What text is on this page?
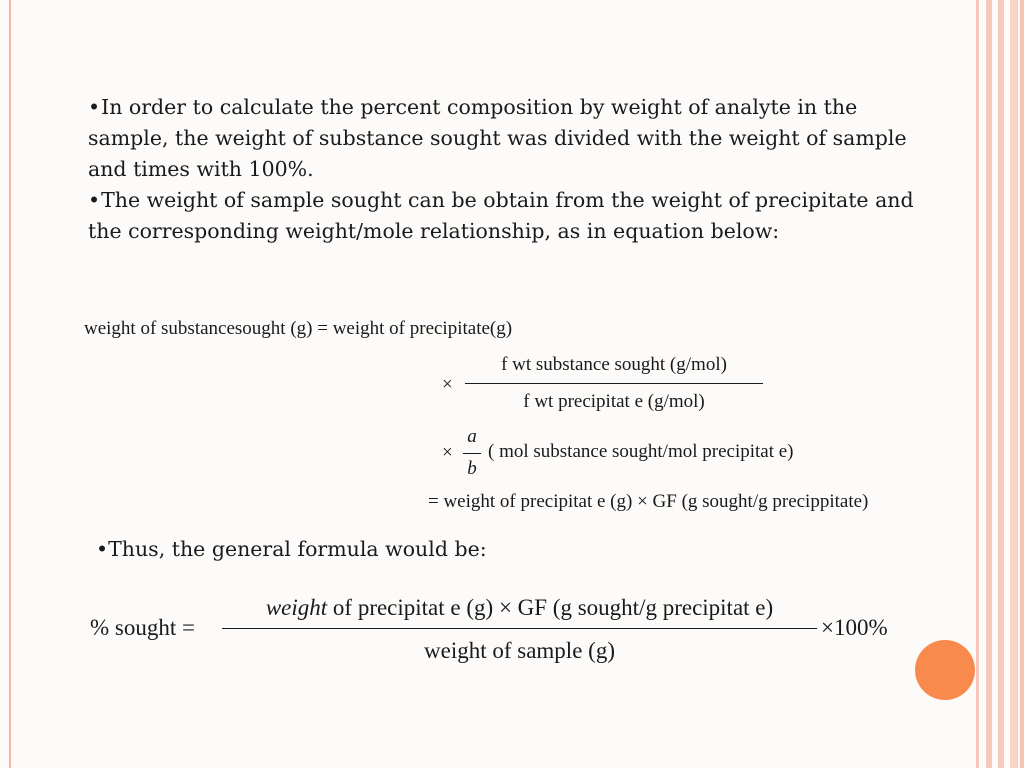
•In order to calculate the percent composition by weight of analyte in the sample, the weight of substance sought was divided with the weight of sample and times with 100%.

•The weight of sample sought can be obtain from the weight of precipitate and the corresponding weight/mole relationship, as in equation below:

weight of substancesought (g) = weight of precipitate(g)
×
f wt substance sought (g/mol)
f wt precipitat e (g/mol)
×
a
b
( mol substance sought/mol precipitat e)
= weight of precipitat e (g) × GF (g sought/g precippitate)
•Thus, the general formula would be:
% sought =
weight of precipitat e (g) × GF (g sought/g precipitat e)
weight of sample (g)
×100%
